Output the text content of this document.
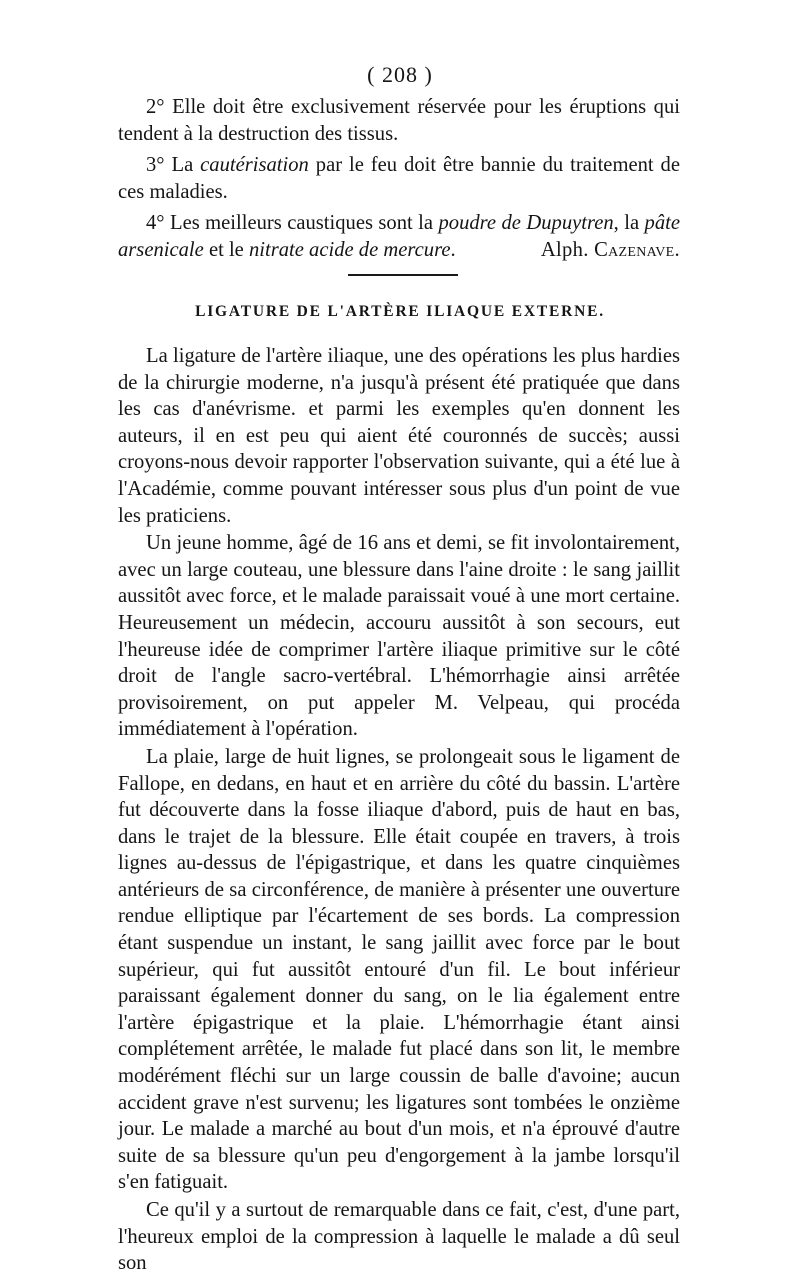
( 208 )

2° Elle doit être exclusivement réservée pour les éruptions qui tendent à la destruction des tissus.

3° La cautérisation par le feu doit être bannie du traitement de ces maladies.

4° Les meilleurs caustiques sont la poudre de Dupuytren, la pâte arsenicale et le nitrate acide de mercure.	Alph. Cazenave.

LIGATURE DE L'ARTÈRE ILIAQUE EXTERNE.

La ligature de l'artère iliaque, une des opérations les plus hardies de la chirurgie moderne, n'a jusqu'à présent été pratiquée que dans les cas d'anévrisme. et parmi les exemples qu'en donnent les auteurs, il en est peu qui aient été couronnés de succès; aussi croyons-nous devoir rapporter l'observation suivante, qui a été lue à l'Académie, comme pouvant intéresser sous plus d'un point de vue les praticiens.

Un jeune homme, âgé de 16 ans et demi, se fit involontairement, avec un large couteau, une blessure dans l'aine droite : le sang jaillit aussitôt avec force, et le malade paraissait voué à une mort certaine. Heureusement un médecin, accouru aussitôt à son secours, eut l'heureuse idée de comprimer l'artère iliaque primitive sur le côté droit de l'angle sacro-vertébral. L'hémorrhagie ainsi arrêtée provisoirement, on put appeler M. Velpeau, qui procéda immédiatement à l'opération.

La plaie, large de huit lignes, se prolongeait sous le ligament de Fallope, en dedans, en haut et en arrière du côté du bassin. L'artère fut découverte dans la fosse iliaque d'abord, puis de haut en bas, dans le trajet de la blessure. Elle était coupée en travers, à trois lignes au-dessus de l'épigastrique, et dans les quatre cinquièmes antérieurs de sa circonférence, de manière à présenter une ouverture rendue elliptique par l'écartement de ses bords. La compression étant suspendue un instant, le sang jaillit avec force par le bout supérieur, qui fut aussitôt entouré d'un fil. Le bout inférieur paraissant également donner du sang, on le lia également entre l'artère épigastrique et la plaie. L'hémorrhagie étant ainsi complétement arrêtée, le malade fut placé dans son lit, le membre modérément fléchi sur un large coussin de balle d'avoine; aucun accident grave n'est survenu; les ligatures sont tombées le onzième jour. Le malade a marché au bout d'un mois, et n'a éprouvé d'autre suite de sa blessure qu'un peu d'engorgement à la jambe lorsqu'il s'en fatiguait.

Ce qu'il y a surtout de remarquable dans ce fait, c'est, d'une part, l'heureux emploi de la compression à laquelle le malade a dû seul son
